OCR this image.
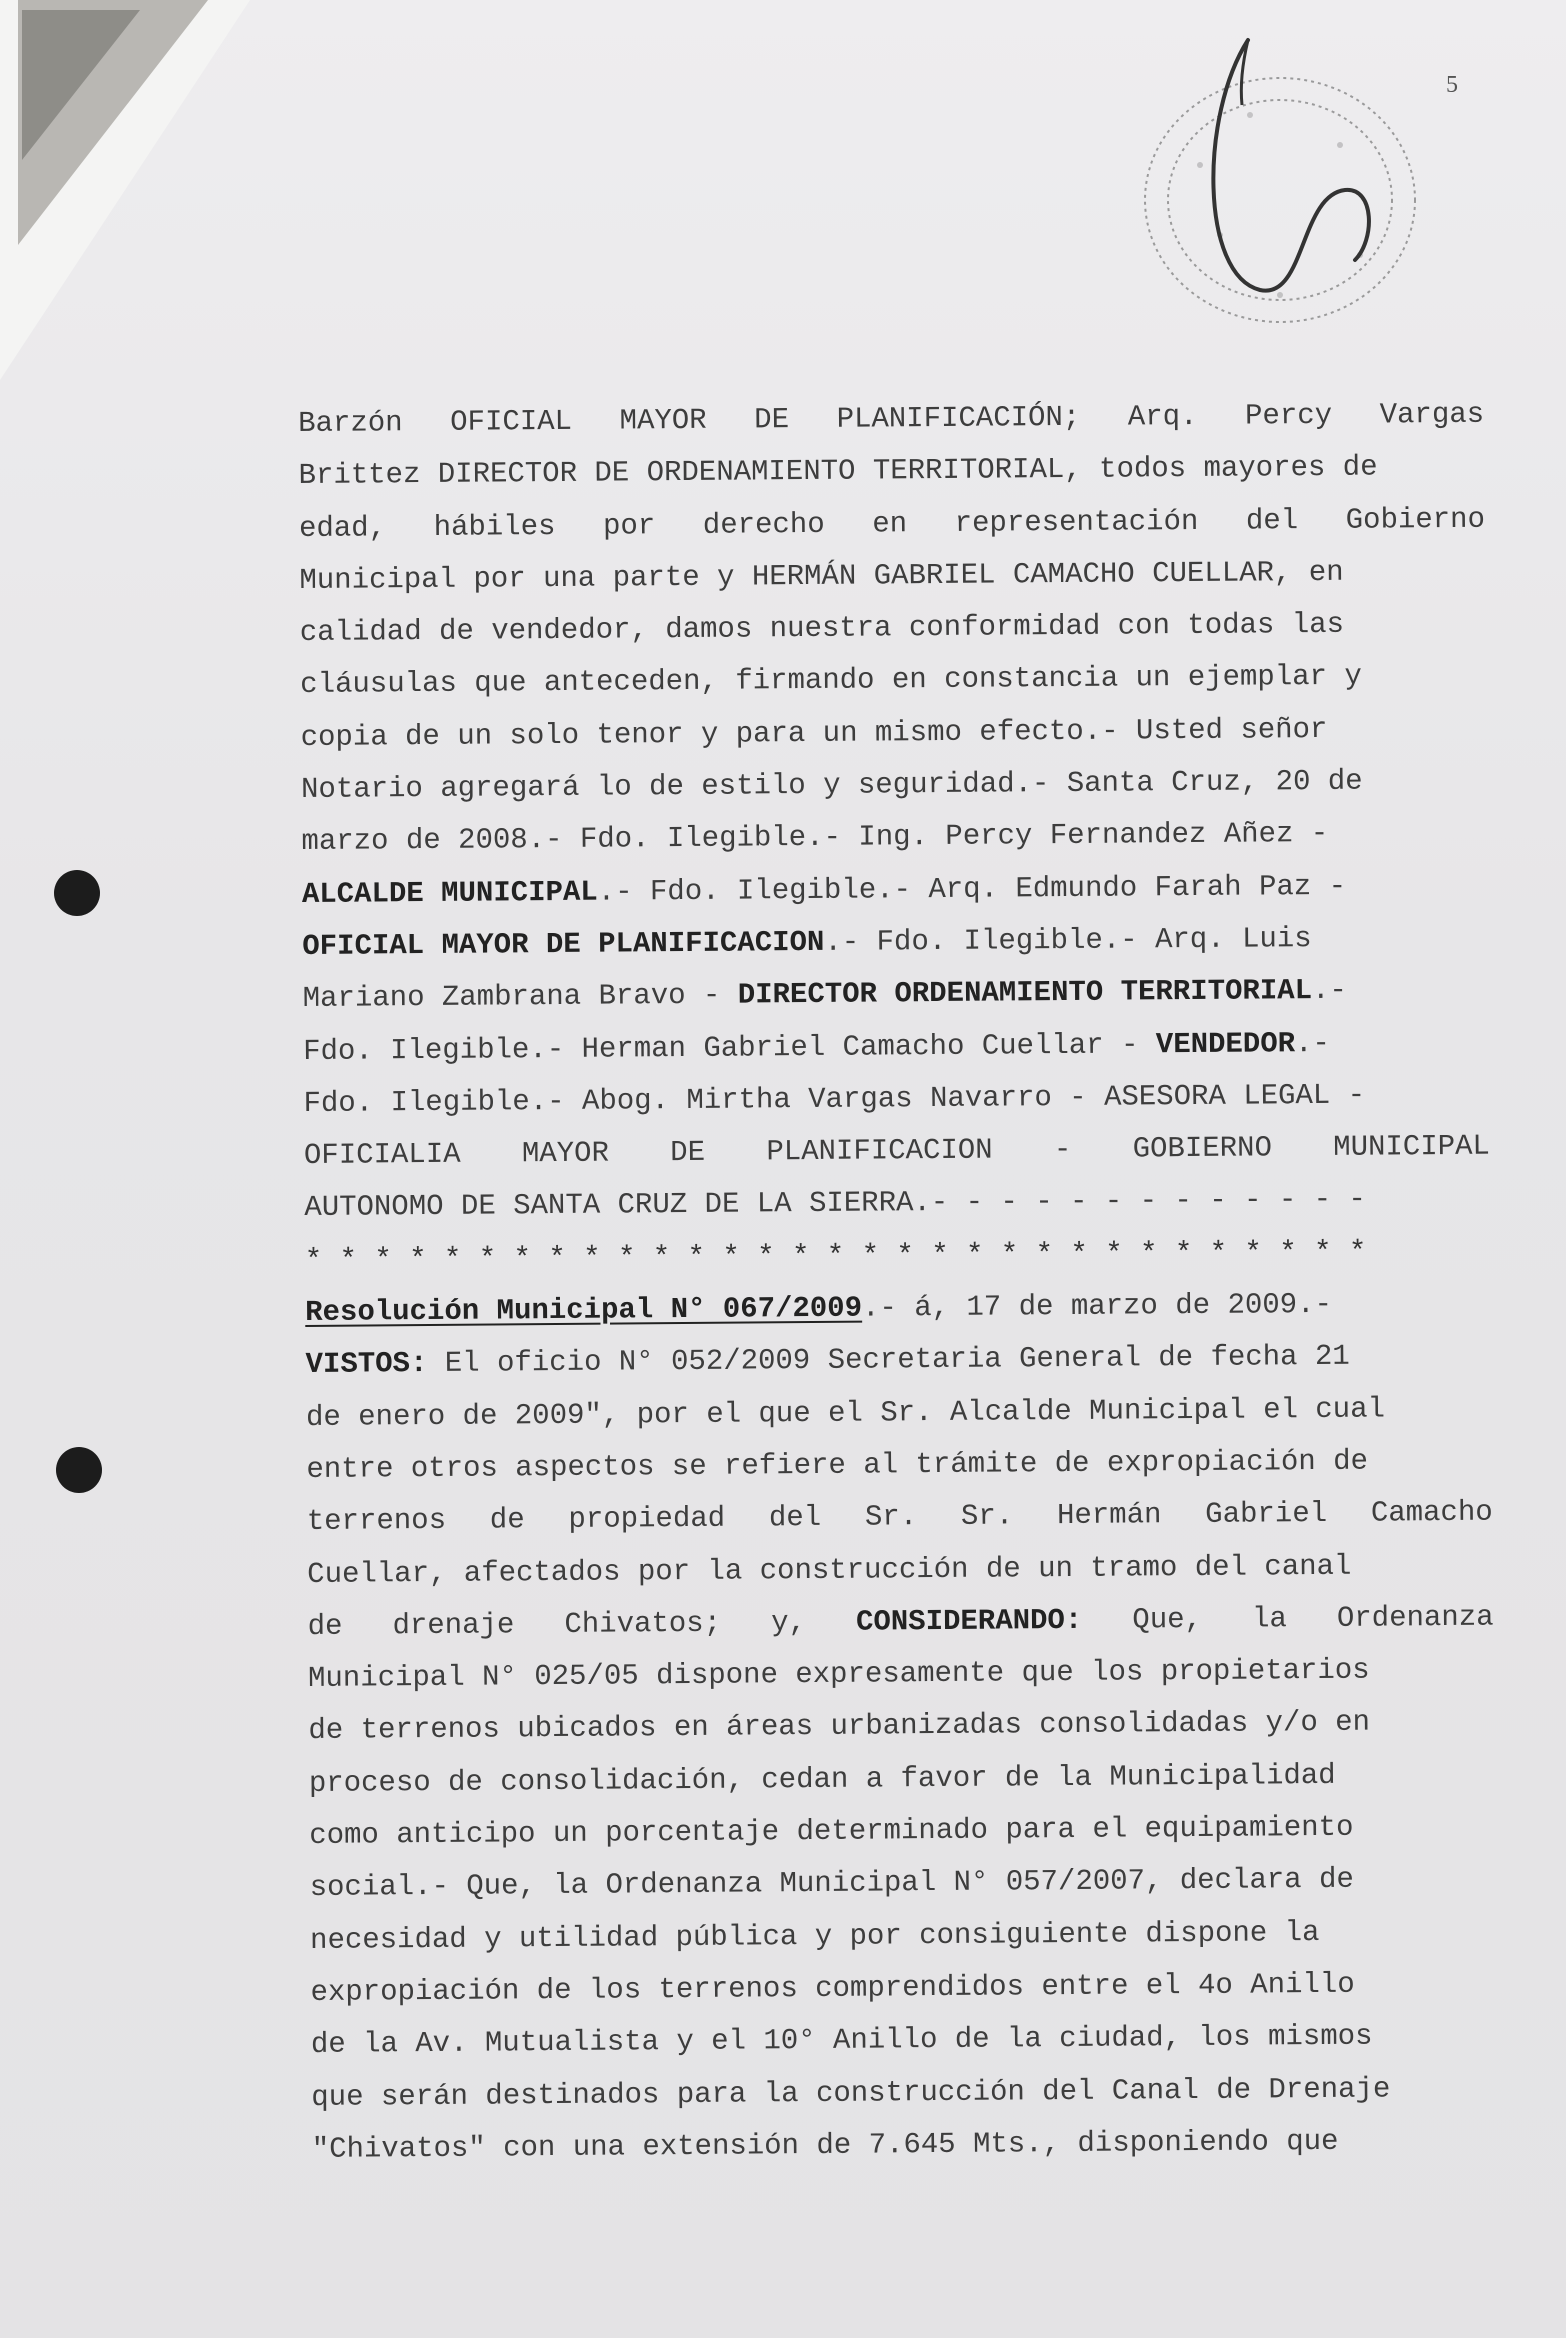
5
Barzón OFICIAL MAYOR DE PLANIFICACIÓN; Arq. Percy Vargas
Brittez DIRECTOR DE ORDENAMIENTO TERRITORIAL, todos mayores de
edad, hábiles por derecho en representación del Gobierno
Municipal por una parte y HERMÁN GABRIEL CAMACHO CUELLAR, en
calidad de vendedor, damos nuestra conformidad con todas las
cláusulas que anteceden, firmando en constancia un ejemplar y
copia de un solo tenor y para un mismo efecto.- Usted señor
Notario agregará lo de estilo y seguridad.- Santa Cruz, 20 de
marzo de 2008.- Fdo. Ilegible.- Ing. Percy Fernandez Añez -
ALCALDE MUNICIPAL .- Fdo. Ilegible.- Arq. Edmundo Farah Paz -
OFICIAL MAYOR DE PLANIFICACION .- Fdo. Ilegible.- Arq. Luis
Mariano Zambrana Bravo - DIRECTOR ORDENAMIENTO TERRITORIAL .-
Fdo. Ilegible.- Herman Gabriel Camacho Cuellar - VENDEDOR .-
Fdo. Ilegible.- Abog. Mirtha Vargas Navarro - ASESORA LEGAL -
OFICIALIA MAYOR DE PLANIFICACION - GOBIERNO MUNICIPAL
AUTONOMO DE SANTA CRUZ DE LA SIERRA.- - - - - - - - - - - - -
* * * * * * * * * * * * * * * * * * * * * * * * * * * * * * *
Resolución Municipal N° 067/2009 .- á, 17 de marzo de 2009.-
VISTOS: El oficio N° 052/2009 Secretaria General de fecha 21
de enero de 2009", por el que el Sr. Alcalde Municipal el cual
entre otros aspectos se refiere al trámite de expropiación de
terrenos de propiedad del Sr. Sr. Hermán Gabriel Camacho
Cuellar, afectados por la construcción de un tramo del canal
de drenaje Chivatos; y, CONSIDERANDO: Que, la Ordenanza
Municipal N° 025/05 dispone expresamente que los propietarios
de terrenos ubicados en áreas urbanizadas consolidadas y/o en
proceso de consolidación, cedan a favor de la Municipalidad
como anticipo un porcentaje determinado para el equipamiento
social.- Que, la Ordenanza Municipal N° 057/2007, declara de
necesidad y utilidad pública y por consiguiente dispone la
expropiación de los terrenos comprendidos entre el 4o Anillo
de la Av. Mutualista y el 10° Anillo de la ciudad, los mismos
que serán destinados para la construcción del Canal de Drenaje
"Chivatos" con una extensión de 7.645 Mts., disponiendo que
